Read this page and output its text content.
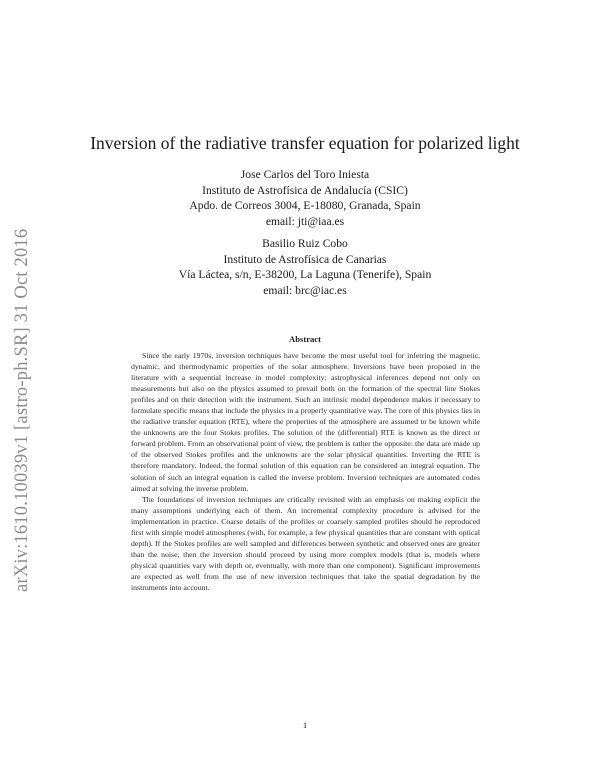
arXiv:1610.10039v1 [astro-ph.SR] 31 Oct 2016
Inversion of the radiative transfer equation for polarized light
Jose Carlos del Toro Iniesta
Instituto de Astrofísica de Andalucía (CSIC)
Apdo. de Correos 3004, E-18080, Granada, Spain
email: jti@iaa.es
Basilio Ruiz Cobo
Instituto de Astrofísica de Canarias
Vía Láctea, s/n, E-38200, La Laguna (Tenerife), Spain
email: brc@iac.es
Abstract

Since the early 1970s, inversion techniques have become the most useful tool for inferring the magnetic, dynamic, and thermodynamic properties of the solar atmosphere. Inversions have been proposed in the literature with a sequential increase in model complexity: astrophysical inferences depend not only on measurements but also on the physics assumed to prevail both on the formation of the spectral line Stokes profiles and on their detection with the instrument. Such an intrinsic model dependence makes it necessary to formulate specific means that include the physics in a properly quantitative way. The core of this physics lies in the radiative transfer equation (RTE), where the properties of the atmosphere are assumed to be known while the unknowns are the four Stokes profiles. The solution of the (differential) RTE is known as the direct or forward problem. From an observational point of view, the problem is rather the opposite: the data are made up of the observed Stokes profiles and the unknowns are the solar physical quantities. Inverting the RTE is therefore mandatory. Indeed, the formal solution of this equation can be considered an integral equation. The solution of such an integral equation is called the inverse problem. Inversion techniques are automated codes aimed at solving the inverse problem.

The foundations of inversion techniques are critically revisited with an emphasis on making explicit the many assumptions underlying each of them. An incremental complexity procedure is advised for the implementation in practice. Coarse details of the profiles or coarsely sampled profiles should be reproduced first with simple model atmospheres (with, for example, a few physical quantities that are constant with optical depth). If the Stokes profiles are well sampled and differences between synthetic and observed ones are greater than the noise, then the inversion should proceed by using more complex models (that is, models where physical quantities vary with depth or, eventually, with more than one component). Significant improvements are expected as well from the use of new inversion techniques that take the spatial degradation by the instruments into account.

1
